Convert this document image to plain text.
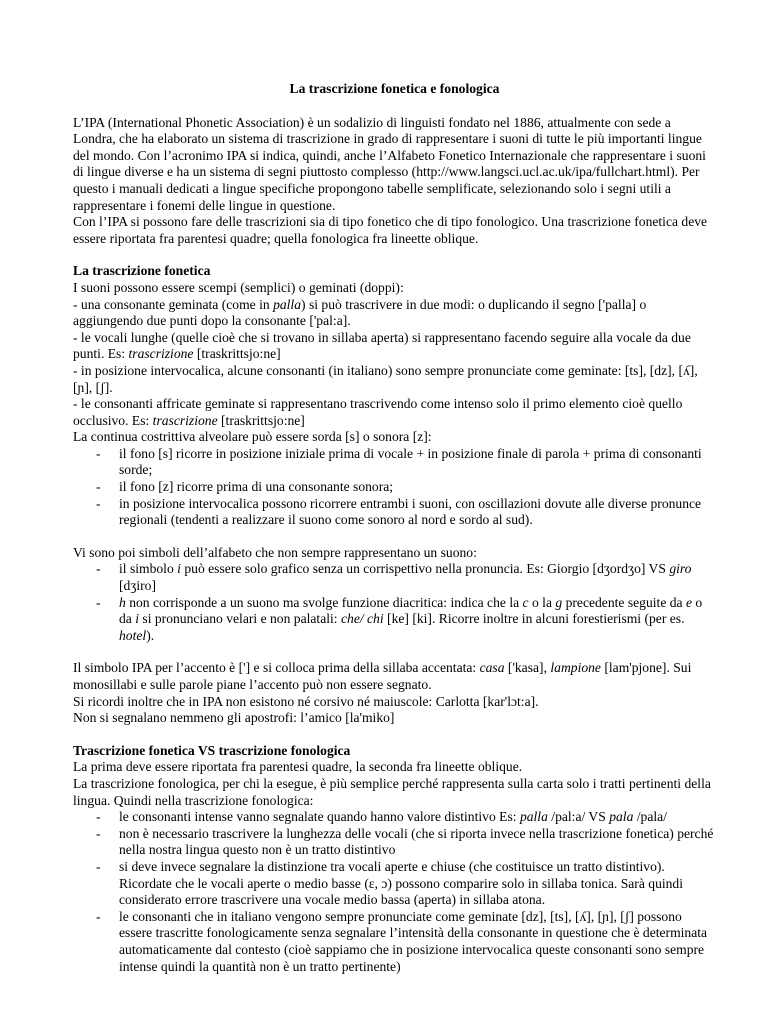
La trascrizione fonetica e fonologica

L’IPA (International Phonetic Association) è un sodalizio di linguisti fondato nel 1886, attualmente con sede a Londra, che ha elaborato un sistema di trascrizione in grado di rappresentare i suoni di tutte le più importanti lingue del mondo. Con l’acronimo IPA si indica, quindi, anche l’Alfabeto Fonetico Internazionale che rappresentare i suoni di lingue diverse e ha un sistema di segni piuttosto complesso (http://www.langsci.ucl.ac.uk/ipa/fullchart.html). Per questo i manuali dedicati a lingue specifiche propongono tabelle semplificate, selezionando solo i segni utili a rappresentare i fonemi delle lingue in questione.

Con l’IPA si possono fare delle trascrizioni sia di tipo fonetico che di tipo fonologico. Una trascrizione fonetica deve essere riportata fra parentesi quadre; quella fonologica fra lineette oblique.

La trascrizione fonetica

I suoni possono essere scempi (semplici) o geminati (doppi):

- una consonante geminata (come in palla) si può trascrivere in due modi: o duplicando il segno ['palla] o aggiungendo due punti dopo la consonante ['pal:a].

- le vocali lunghe (quelle cioè che si trovano in sillaba aperta) si rappresentano facendo seguire alla vocale da due punti. Es: trascrizione [traskrittsjo:ne]

- in posizione intervocalica, alcune consonanti (in italiano) sono sempre pronunciate come geminate: [ts], [dz], [ʎ], [ɲ], [ʃ].

- le consonanti affricate geminate si rappresentano trascrivendo come intenso solo il primo elemento cioè quello occlusivo. Es: trascrizione [traskrittsjo:ne]

La continua costrittiva alveolare può essere sorda [s] o sonora [z]:

- il fono [s] ricorre in posizione iniziale prima di vocale + in posizione finale di parola + prima di consonanti sorde;
- il fono [z] ricorre prima di una consonante sonora;
- in posizione intervocalica possono ricorrere entrambi i suoni, con oscillazioni dovute alle diverse pronunce regionali (tendenti a realizzare il suono come sonoro al nord e sordo al sud).

Vi sono poi simboli dell’alfabeto che non sempre rappresentano un suono:

- il simbolo i può essere solo grafico senza un corrispettivo nella pronuncia. Es: Giorgio [dʒordʒo] VS giro [dʒiro]
- h non corrisponde a un suono ma svolge funzione diacritica: indica che la c o la g precedente seguite da e o da i si pronunciano velari e non palatali: che/ chi [ke] [ki]. Ricorre inoltre in alcuni forestierismi (per es. hotel).

Il simbolo IPA per l’accento è ['] e si colloca prima della sillaba accentata: casa ['kasa], lampione [lam'pjone]. Sui monosillabi e sulle parole piane l’accento può non essere segnato.

Si ricordi inoltre che in IPA non esistono né corsivo né maiuscole: Carlotta [kar'lɔt:a].

Non si segnalano nemmeno gli apostrofi: l’amico [la'miko]

Trascrizione fonetica VS trascrizione fonologica

La prima deve essere riportata fra parentesi quadre, la seconda fra lineette oblique.

La trascrizione fonologica, per chi la esegue, è più semplice perché rappresenta sulla carta solo i tratti pertinenti della lingua. Quindi nella trascrizione fonologica:

- le consonanti intense vanno segnalate quando hanno valore distintivo Es: palla /pal:a/ VS pala /pala/
- non è necessario trascrivere la lunghezza delle vocali (che si riporta invece nella trascrizione fonetica) perché nella nostra lingua questo non è un tratto distintivo
- si deve invece segnalare la distinzione tra vocali aperte e chiuse (che costituisce un tratto distintivo). Ricordate che le vocali aperte o medio basse (ɛ, ɔ) possono comparire solo in sillaba tonica. Sarà quindi considerato errore trascrivere una vocale medio bassa (aperta) in sillaba atona.
- le consonanti che in italiano vengono sempre pronunciate come geminate [dz], [ts], [ʎ], [ɲ], [ʃ] possono essere trascritte fonologicamente senza segnalare l’intensità della consonante in questione che è determinata automaticamente dal contesto (cioè sappiamo che in posizione intervocalica queste consonanti sono sempre intense quindi la quantità non è un tratto pertinente)
